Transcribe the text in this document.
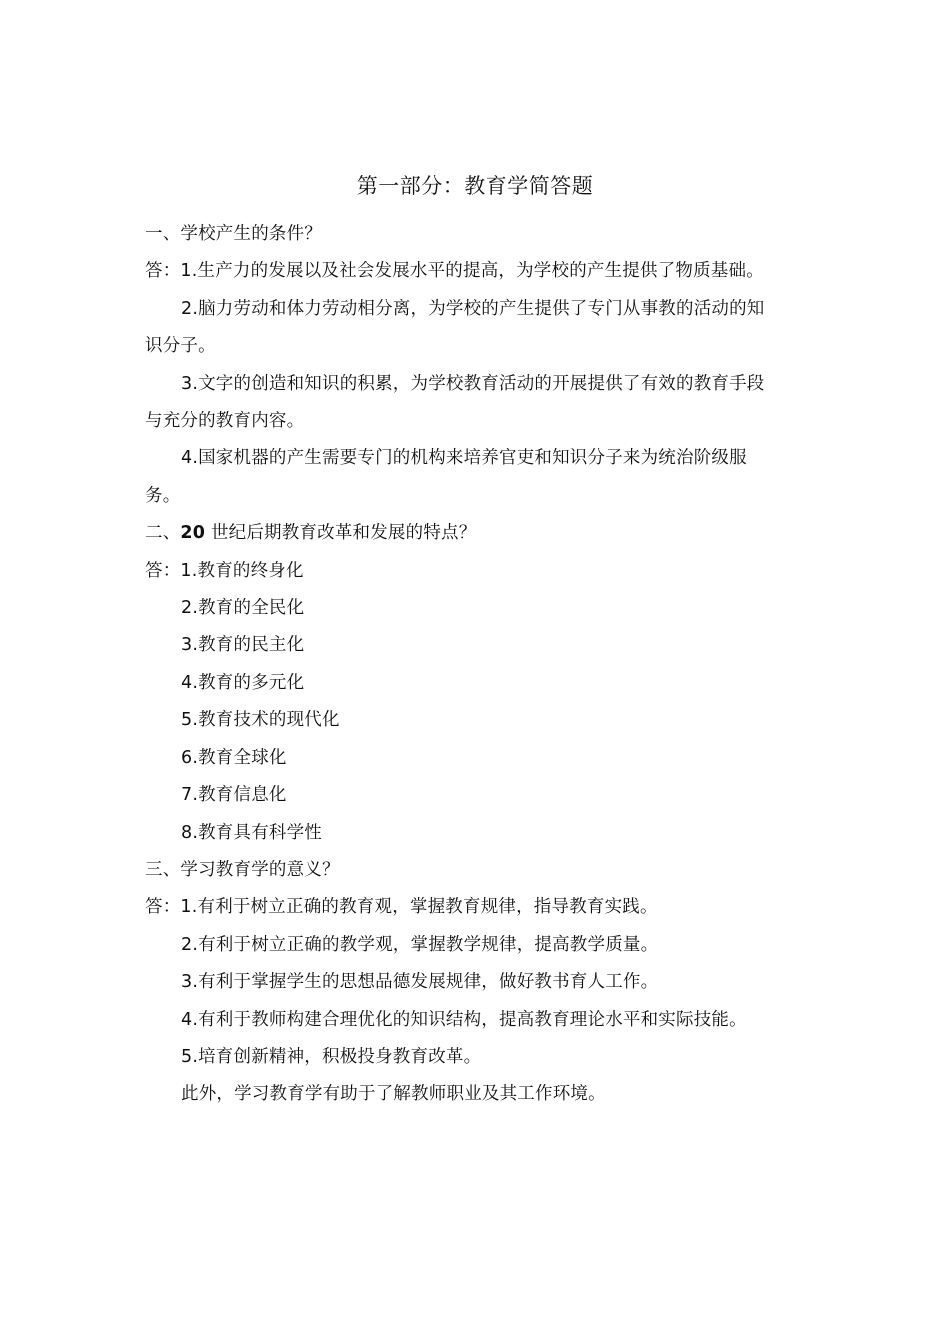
第一部分：教育学简答题
一、学校产生的条件？
答：1.生产力的发展以及社会发展水平的提高，为学校的产生提供了物质基础。
2.脑力劳动和体力劳动相分离，为学校的产生提供了专门从事教的活动的知
识分子。
3.文字的创造和知识的积累，为学校教育活动的开展提供了有效的教育手段
与充分的教育内容。
4.国家机器的产生需要专门的机构来培养官吏和知识分子来为统治阶级服
务。
二、20 世纪后期教育改革和发展的特点？
答：1.教育的终身化
2.教育的全民化
3.教育的民主化
4.教育的多元化
5.教育技术的现代化
6.教育全球化
7.教育信息化
8.教育具有科学性
三、学习教育学的意义？
答：1.有利于树立正确的教育观，掌握教育规律，指导教育实践。
2.有利于树立正确的教学观，掌握教学规律，提高教学质量。
3.有利于掌握学生的思想品德发展规律，做好教书育人工作。
4.有利于教师构建合理优化的知识结构，提高教育理论水平和实际技能。
5.培育创新精神，积极投身教育改革。
此外，学习教育学有助于了解教师职业及其工作环境。
